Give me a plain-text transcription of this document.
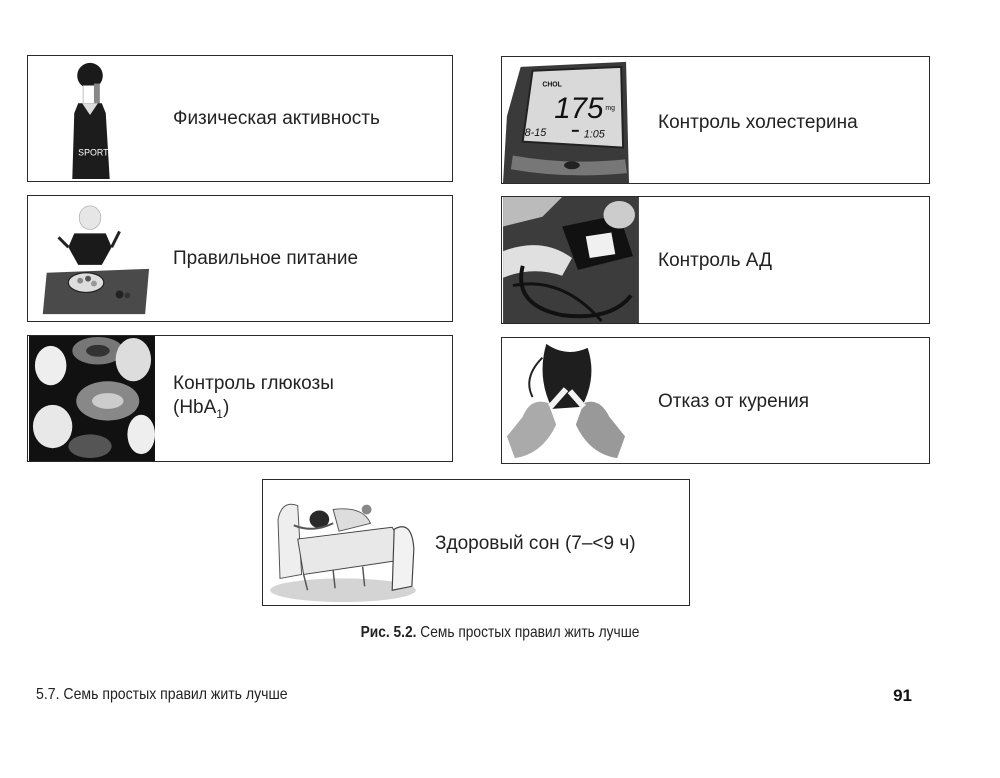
SPORT
Физическая активность
CHOL
175 mg
8-15	1:05
Контроль холестерина
Правильное питание	Контроль АД
Контроль глюкозы
(HbA$_1$)	Отказ от курения
Здоровый сон (7–<9 ч)
Рис. 5.2. Семь простых правил жить лучше
5.7. Семь простых правил жить лучше	91
